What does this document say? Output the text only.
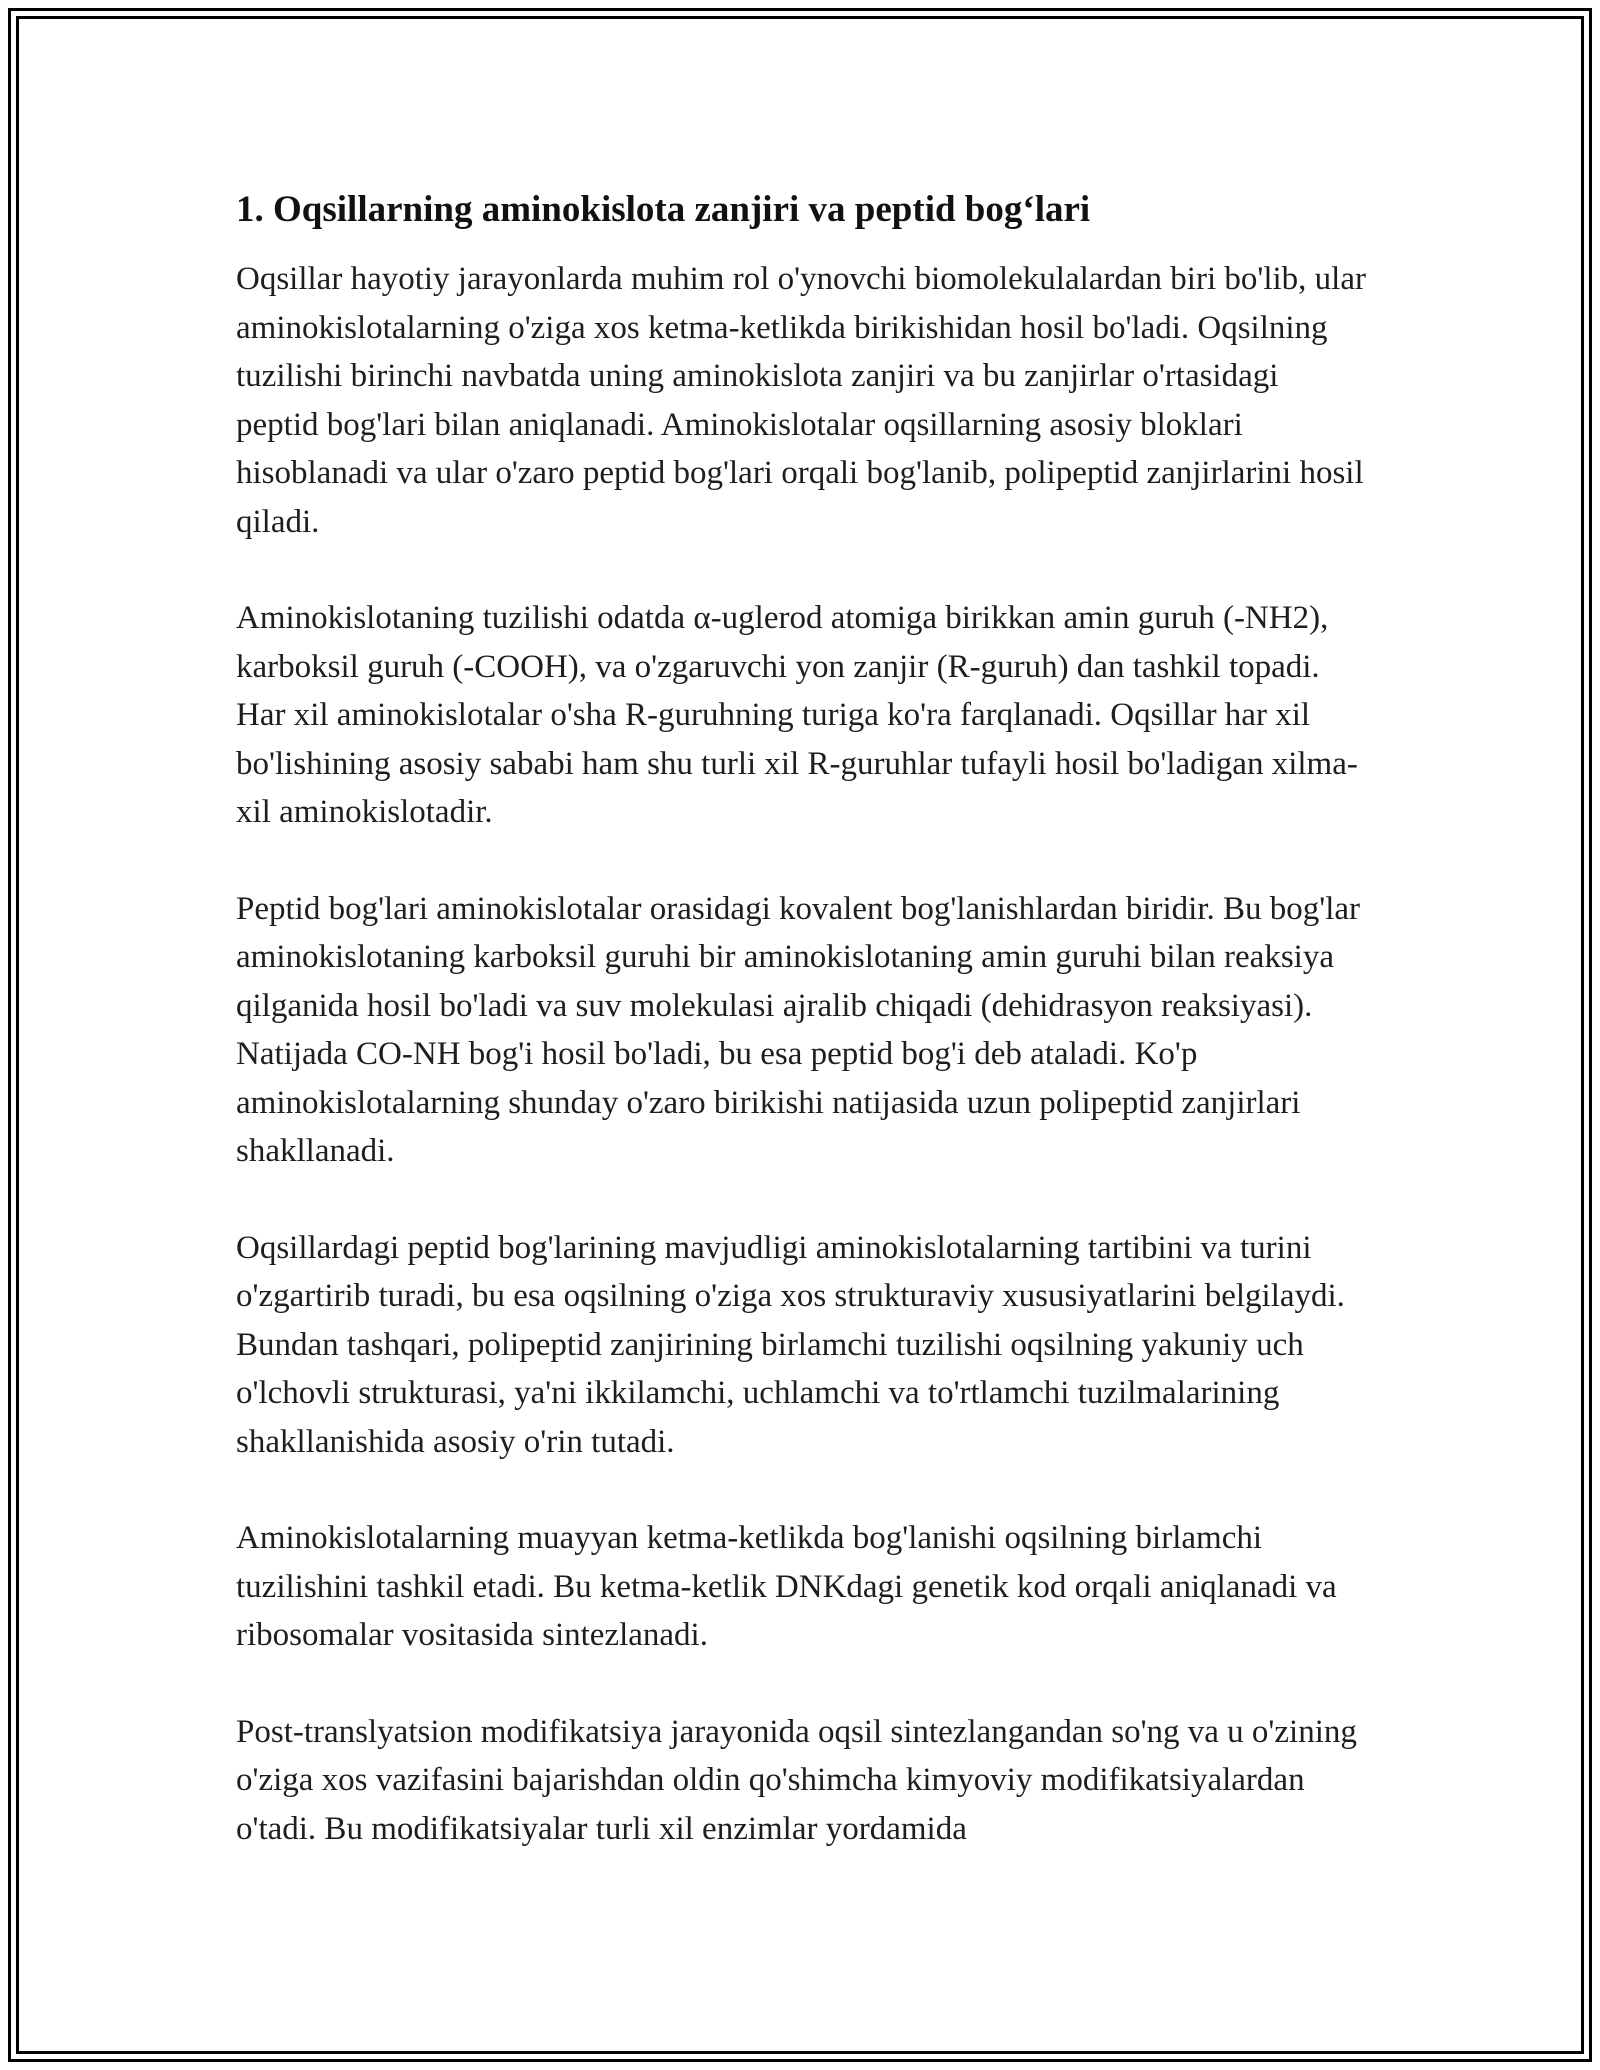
1. Oqsillarning aminokislota zanjiri va peptid bog‘lari

Oqsillar hayotiy jarayonlarda muhim rol o'ynovchi biomolekulalardan biri bo'lib, ular aminokislotalarning o'ziga xos ketma-ketlikda birikishidan hosil bo'ladi. Oqsilning tuzilishi birinchi navbatda uning aminokislota zanjiri va bu zanjirlar o'rtasidagi peptid bog'lari bilan aniqlanadi. Aminokislotalar oqsillarning asosiy bloklari hisoblanadi va ular o'zaro peptid bog'lari orqali bog'lanib, polipeptid zanjirlarini hosil qiladi.

Aminokislotaning tuzilishi odatda α-uglerod atomiga birikkan amin guruh (-NH2), karboksil guruh (-COOH), va o'zgaruvchi yon zanjir (R-guruh) dan tashkil topadi. Har xil aminokislotalar o'sha R-guruhning turiga ko'ra farqlanadi. Oqsillar har xil bo'lishining asosiy sababi ham shu turli xil R-guruhlar tufayli hosil bo'ladigan xilma-xil aminokislotadir.

Peptid bog'lari aminokislotalar orasidagi kovalent bog'lanishlardan biridir. Bu bog'lar aminokislotaning karboksil guruhi bir aminokislotaning amin guruhi bilan reaksiya qilganida hosil bo'ladi va suv molekulasi ajralib chiqadi (dehidrasyon reaksiyasi). Natijada CO-NH bog'i hosil bo'ladi, bu esa peptid bog'i deb ataladi. Ko'p aminokislotalarning shunday o'zaro birikishi natijasida uzun polipeptid zanjirlari shakllanadi.

Oqsillardagi peptid bog'larining mavjudligi aminokislotalarning tartibini va turini o'zgartirib turadi, bu esa oqsilning o'ziga xos strukturaviy xususiyatlarini belgilaydi. Bundan tashqari, polipeptid zanjirining birlamchi tuzilishi oqsilning yakuniy uch o'lchovli strukturasi, ya'ni ikkilamchi, uchlamchi va to'rtlamchi tuzilmalarining shakllanishida asosiy o'rin tutadi.

Aminokislotalarning muayyan ketma-ketlikda bog'lanishi oqsilning birlamchi tuzilishini tashkil etadi. Bu ketma-ketlik DNKdagi genetik kod orqali aniqlanadi va ribosomalar vositasida sintezlanadi.

Post-translyatsion modifikatsiya jarayonida oqsil sintezlangandan so'ng va u o'zining o'ziga xos vazifasini bajarishdan oldin qo'shimcha kimyoviy modifikatsiyalardan o'tadi. Bu modifikatsiyalar turli xil enzimlar yordamida
